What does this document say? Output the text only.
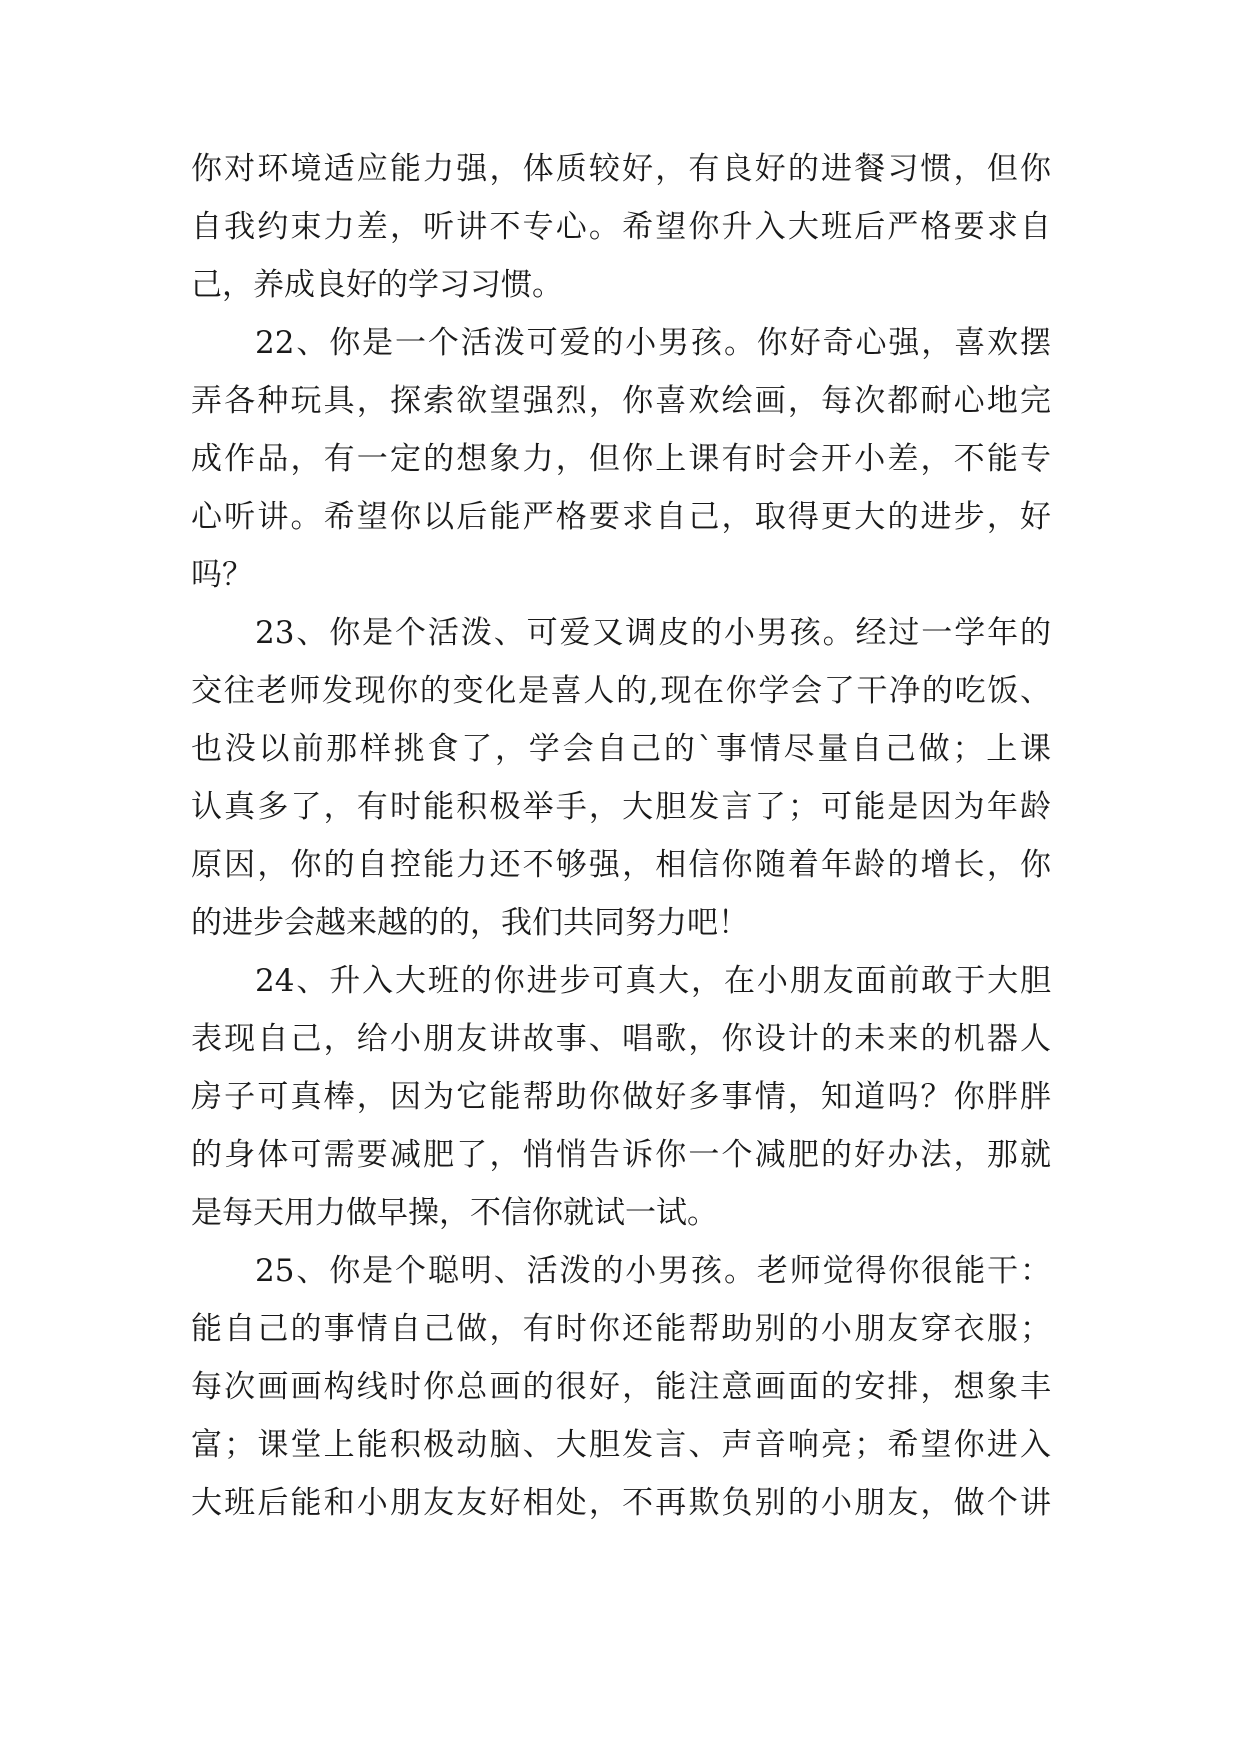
你对环境适应能力强，体质较好，有良好的进餐习惯，但你
自我约束力差，听讲不专心。希望你升入大班后严格要求自
己，养成良好的学习习惯。
22、你是一个活泼可爱的小男孩。你好奇心强，喜欢摆
弄各种玩具，探索欲望强烈，你喜欢绘画，每次都耐心地完
成作品，有一定的想象力，但你上课有时会开小差，不能专
心听讲。希望你以后能严格要求自己，取得更大的进步，好
吗？
23、你是个活泼、可爱又调皮的小男孩。经过一学年的
交往老师发现你的变化是喜人的,现在你学会了干净的吃饭、
也没以前那样挑食了，学会自己的`事情尽量自己做；上课
认真多了，有时能积极举手，大胆发言了；可能是因为年龄
原因，你的自控能力还不够强，相信你随着年龄的增长，你
的进步会越来越的的，我们共同努力吧！
24、升入大班的你进步可真大，在小朋友面前敢于大胆
表现自己，给小朋友讲故事、唱歌，你设计的未来的机器人
房子可真棒，因为它能帮助你做好多事情，知道吗？你胖胖
的身体可需要减肥了，悄悄告诉你一个减肥的好办法，那就
是每天用力做早操，不信你就试一试。
25、你是个聪明、活泼的小男孩。老师觉得你很能干：
能自己的事情自己做，有时你还能帮助别的小朋友穿衣服；
每次画画构线时你总画的很好，能注意画面的安排，想象丰
富；课堂上能积极动脑、大胆发言、声音响亮；希望你进入
大班后能和小朋友友好相处，不再欺负别的小朋友，做个讲
